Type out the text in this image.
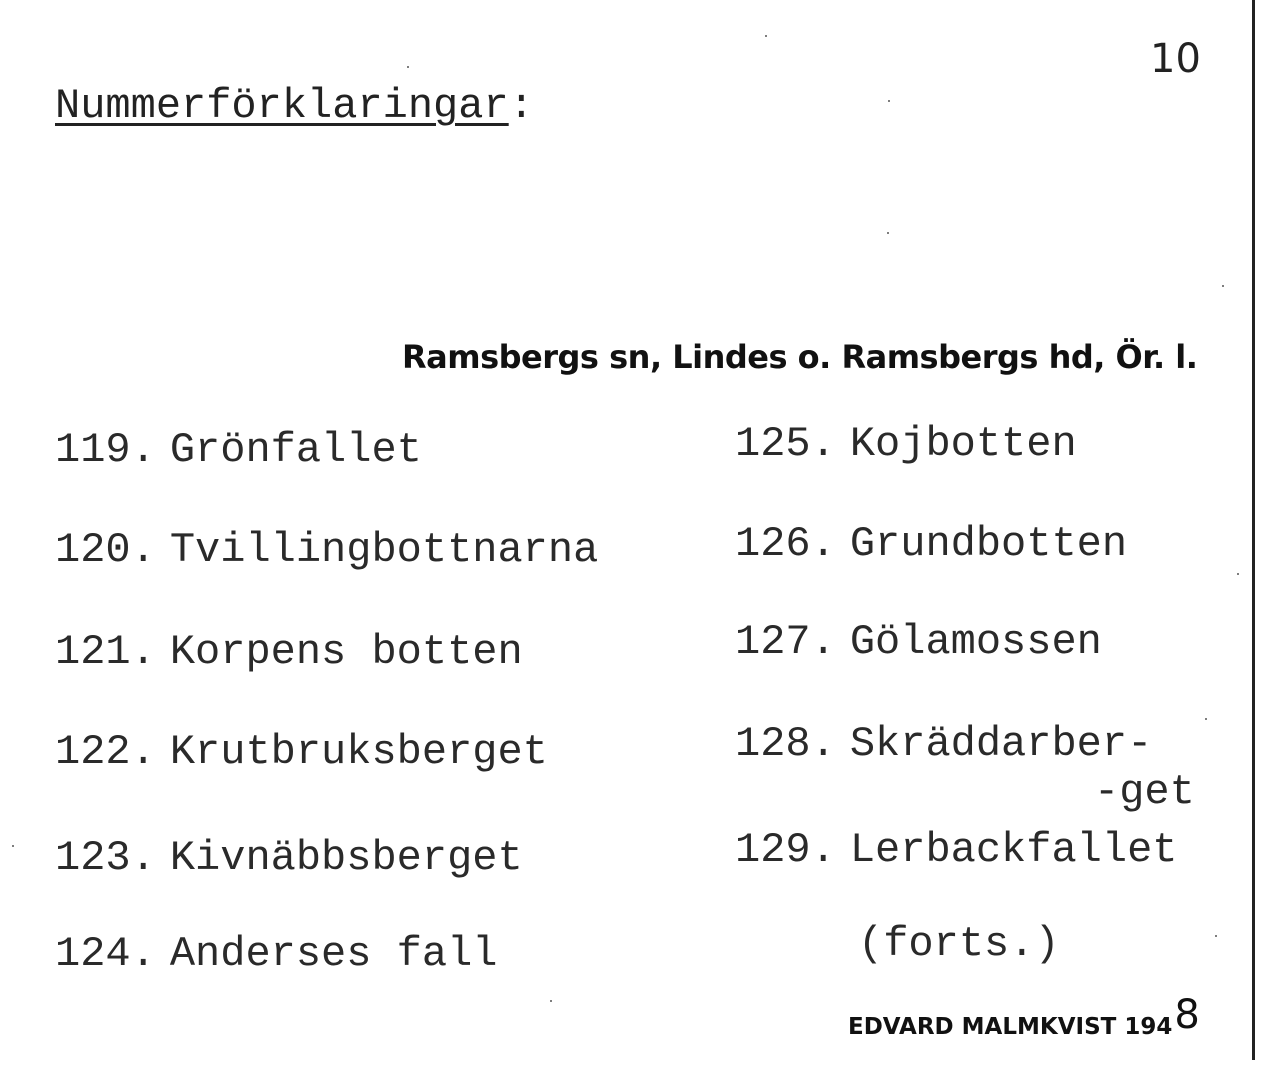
10
Nummerförklaringar:
Ramsbergs sn, Lindes o. Ramsbergs hd, Ör. l.
119. Grönfallet
120. Tvillingbottnarna
121. Korpens botten
122. Krutbruksberget
123. Kivnäbbsberget
124. Anderses fall
125. Kojbotten
126. Grundbotten
127. Gölamossen
128. Skräddarber-
-get
129. Lerbackfallet
(forts.)
EDVARD MALMKVIST 1948
